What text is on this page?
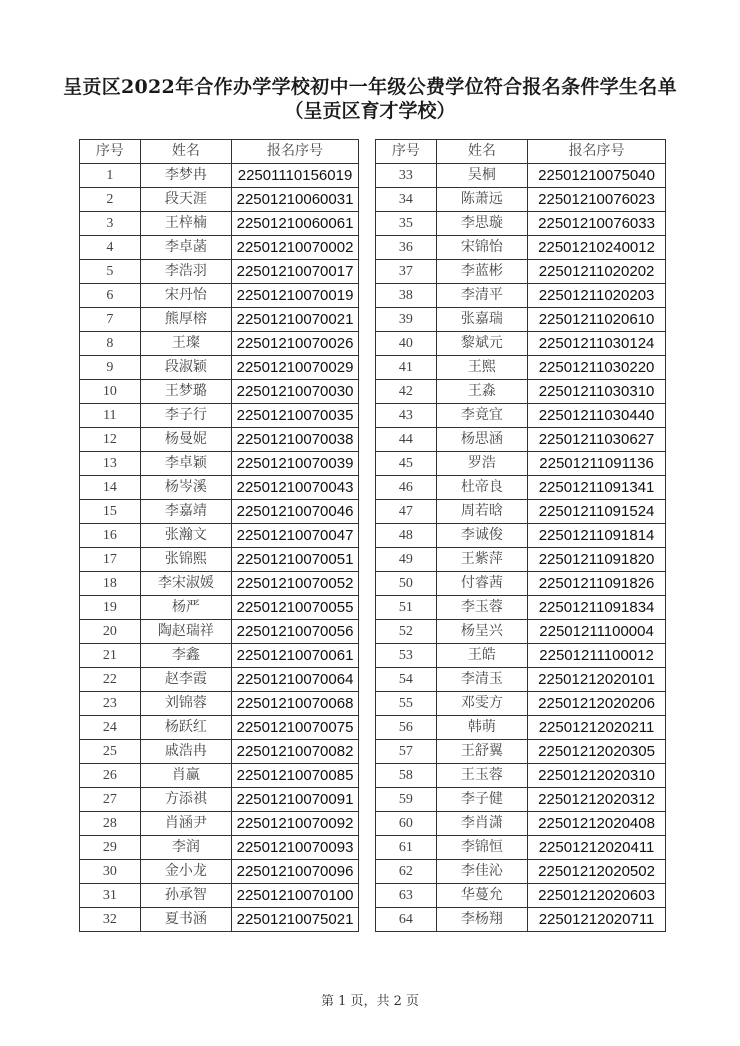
呈贡区2022年合作办学学校初中一年级公费学位符合报名条件学生名单
（呈贡区育才学校）
序号	姓名	报名序号
1	李梦冉	22501110156019
2	段天涯	22501210060031
3	王梓楠	22501210060061
4	李卓菡	22501210070002
5	李浩羽	22501210070017
6	宋丹怡	22501210070019
7	熊厚榕	22501210070021
8	王璨	22501210070026
9	段淑颖	22501210070029
10	王梦璐	22501210070030
11	李子行	22501210070035
12	杨曼妮	22501210070038
13	李卓颖	22501210070039
14	杨岑溪	22501210070043
15	李嘉靖	22501210070046
16	张瀚文	22501210070047
17	张锦熙	22501210070051
18	李宋淑媛	22501210070052
19	杨严	22501210070055
20	陶赵瑞祥	22501210070056
21	李鑫	22501210070061
22	赵李霞	22501210070064
23	刘锦蓉	22501210070068
24	杨跃红	22501210070075
25	戚浩冉	22501210070082
26	肖赢	22501210070085
27	方添祺	22501210070091
28	肖涵尹	22501210070092
29	李润	22501210070093
30	金小龙	22501210070096
31	孙承智	22501210070100
32	夏书涵	22501210075021
序号	姓名	报名序号
33	吴桐	22501210075040
34	陈萧远	22501210076023
35	李思璇	22501210076033
36	宋锦怡	22501210240012
37	李蓝彬	22501211020202
38	李清平	22501211020203
39	张嘉瑞	22501211020610
40	黎斌元	22501211030124
41	王熙	22501211030220
42	王淼	22501211030310
43	李竟宜	22501211030440
44	杨思涵	22501211030627
45	罗浩	22501211091136
46	杜帝良	22501211091341
47	周若晗	22501211091524
48	李诚俊	22501211091814
49	王紫萍	22501211091820
50	付睿茜	22501211091826
51	李玉蓉	22501211091834
52	杨呈兴	22501211100004
53	王皓	22501211100012
54	李清玉	22501212020101
55	邓雯方	22501212020206
56	韩萌	22501212020211
57	王舒翼	22501212020305
58	王玉蓉	22501212020310
59	李子健	22501212020312
60	李肖潇	22501212020408
61	李锦恒	22501212020411
62	李佳沁	22501212020502
63	华蔓允	22501212020603
64	李杨翔	22501212020711
第 1 页，共 2 页
